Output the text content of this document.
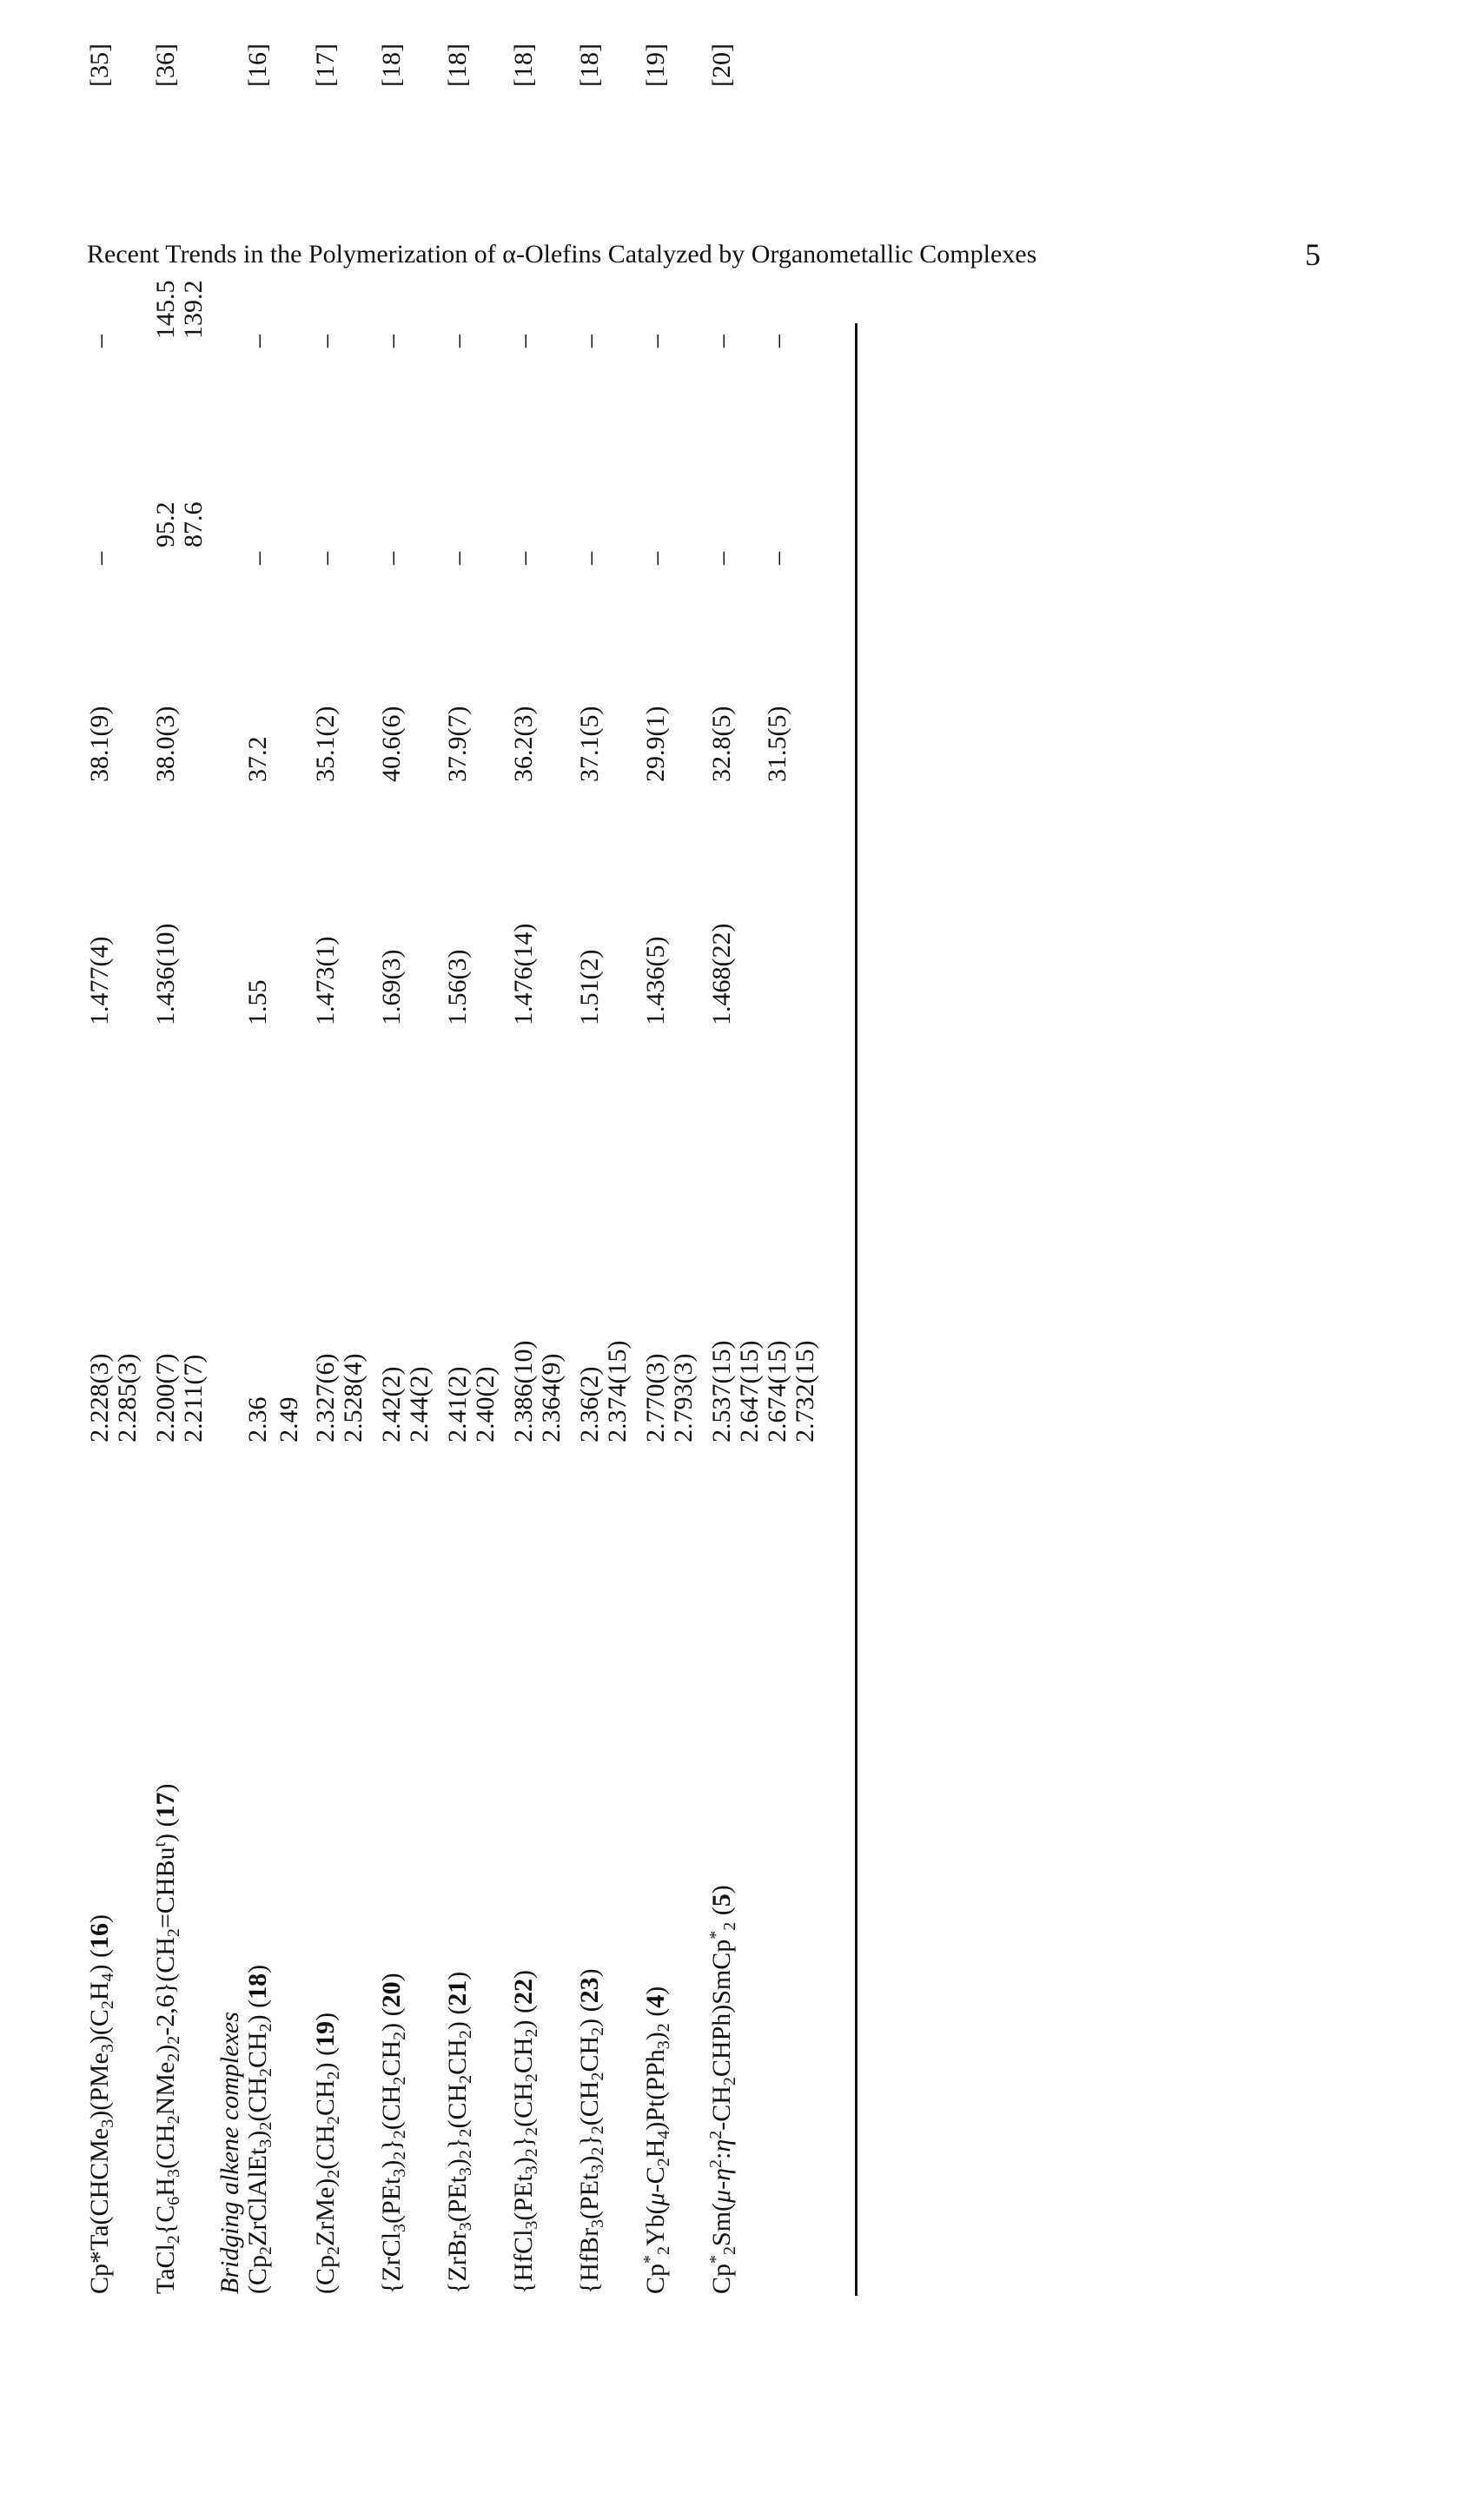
Recent Trends in the Polymerization of α-Olefins Catalyzed by Organometallic Complexes	5
$Cp*Ta(CHCMe_3)(PMe_3)(C_2H_4)$ (16)
2.228(3)
1.477(4)
38.1(9)
–
–
[35]
2.285(3)
$TaCl_2\{C_6H_3(CH_2NMe_2)_2-2,6\}(CH_2=CHBu^t)$ (17)
2.200(7)
1.436(10)
38.0(3)
95.2
145.5
[36]
2.211(7)
87.6
139.2
Bridging alkene complexes $(Cp_2ZrClAlEt_3)_2(CH_2CH_2)$ (18)
2.36
1.55
37.2
–
–
[16]
2.49
$(Cp_2ZrMe)_2(CH_2CH_2)$ (19)
2.327(6)
1.473(1)
35.1(2)
–
–
[17]
2.528(4)
$\{ZrCl_3(PEt_3)_2\}_2(CH_2CH_2)$ (20)
2.42(2)
1.69(3)
40.6(6)
–
–
[18]
2.44(2)
$\{ZrBr_3(PEt_3)_2\}_2(CH_2CH_2)$ (21)
2.41(2)
1.56(3)
37.9(7)
–
–
[18]
2.40(2)
$\{HfCl_3(PEt_3)_2\}_2(CH_2CH_2)$ (22)
2.386(10)
1.476(14)
36.2(3)
–
–
[18]
2.364(9)
$\{HfBr_3(PEt_3)_2\}_2(CH_2CH_2)$ (23)
2.36(2)
1.51(2)
37.1(5)
–
–
[18]
2.374(15)
$Cp^*_2Yb(\mu-C_2H_4)Pt(PPh_3)_2$ (4)
2.770(3)
1.436(5)
29.9(1)
–
–
[19]
2.793(3)
$Cp^*_2Sm(\mu-\eta^2:\eta^2-CH_2CHPh)SmCp^*_2$ (5)
2.537(15)
1.468(22)
32.8(5)
–
–
[20]
2.647(15) 2.674(15)
31.5(5)
–
–
2.732(15)
